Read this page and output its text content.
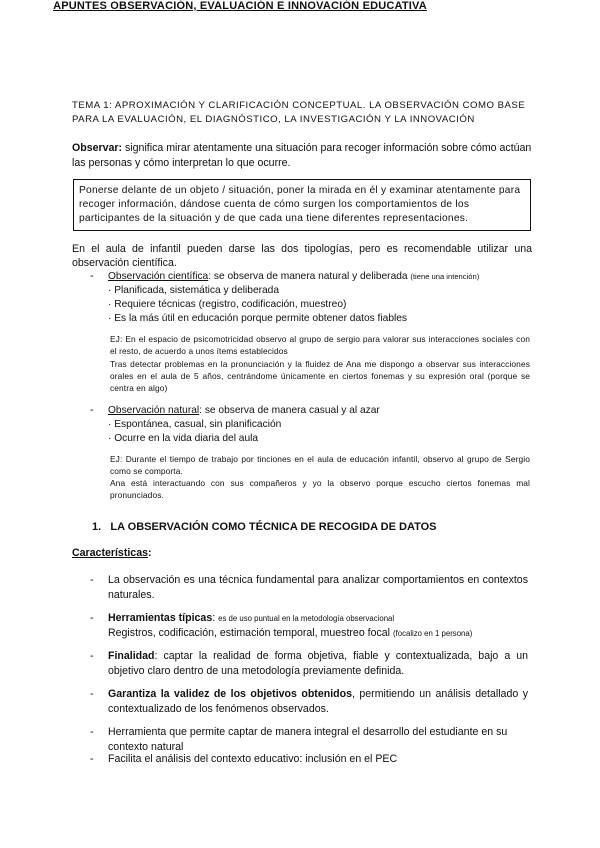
APUNTES OBSERVACIÓN, EVALUACIÓN E INNOVACIÓN EDUCATIVA
TEMA 1: APROXIMACIÓN Y CLARIFICACIÓN CONCEPTUAL. LA OBSERVACIÓN COMO BASE PARA LA EVALUACIÓN, EL DIAGNÓSTICO, LA INVESTIGACIÓN Y LA INNOVACIÓN
Observar: significa mirar atentamente una situación para recoger información sobre cómo actúan las personas y cómo interpretan lo que ocurre.
Ponerse delante de un objeto / situación, poner la mirada en él y examinar atentamente para recoger información, dándose cuenta de cómo surgen los comportamientos de los participantes de la situación y de que cada una tiene diferentes representaciones.
En el aula de infantil pueden darse las dos tipologías, pero es recomendable utilizar una observación científica.
- Observación científica: se observa de manera natural y deliberada (tiene una intención)
· Planificada, sistemática y deliberada
· Requiere técnicas (registro, codificación, muestreo)
· Es la más útil en educación porque permite obtener datos fiables
EJ: En el espacio de psicomotricidad observo al grupo de sergio para valorar sus interacciones sociales con el resto, de acuerdo a unos ítems establecidos
Tras detectar problemas en la pronunciación y la fluidez de Ana me dispongo a observar sus interacciones orales en el aula de 5 años, centrándome únicamente en ciertos fonemas y su expresión oral (porque se centra en algo)
- Observación natural: se observa de manera casual y al azar
· Espontánea, casual, sin planificación
· Ocurre en la vida diaria del aula
EJ: Durante el tiempo de trabajo por tinciones en el aula de educación infantil, observo al grupo de Sergio como se comporta.
Ana está interactuando con sus compañeros y yo la observo porque escucho ciertos fonemas mal pronunciados.
1. LA OBSERVACIÓN COMO TÉCNICA DE RECOGIDA DE DATOS
Características:
- La observación es una técnica fundamental para analizar comportamientos en contextos naturales.
- Herramientas típicas: es de uso puntual en la metodología observacional
Registros, codificación, estimación temporal, muestreo focal (focalizo en 1 persona)
- Finalidad: captar la realidad de forma objetiva, fiable y contextualizada, bajo a un objetivo claro dentro de una metodología previamente definida.
- Garantiza la validez de los objetivos obtenidos, permitiendo un análisis detallado y contextualizado de los fenómenos observados.
- Herramienta que permite captar de manera integral el desarrollo del estudiante en su contexto natural
- Facilita el análisis del contexto educativo: inclusión en el PEC
